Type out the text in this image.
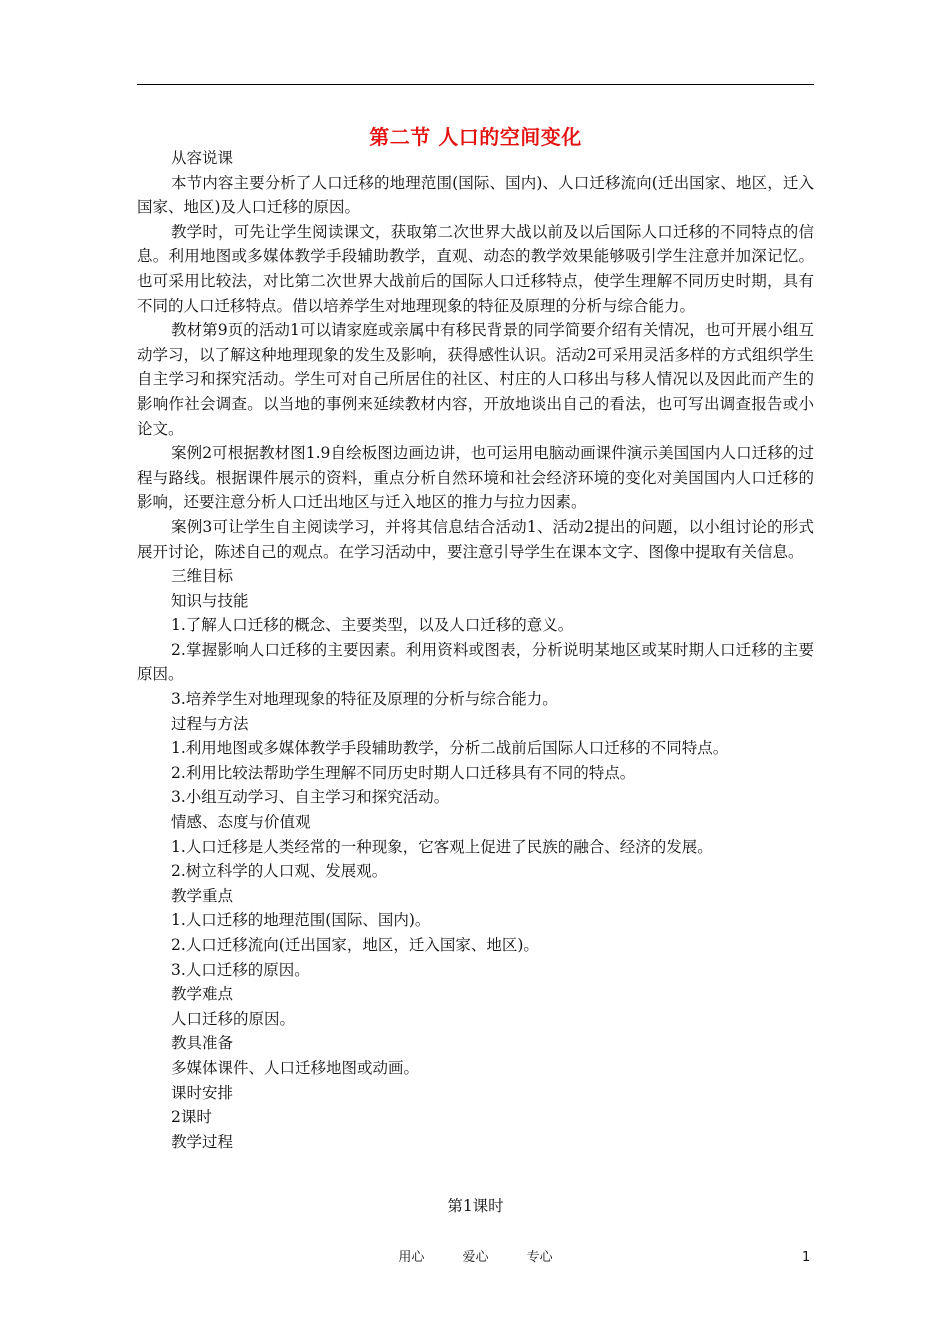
第二节 人口的空间变化

从容说课

本节内容主要分析了人口迁移的地理范围(国际、国内)、人口迁移流向(迁出国家、地区，迁入国家、地区)及人口迁移的原因。

教学时，可先让学生阅读课文，获取第二次世界大战以前及以后国际人口迁移的不同特点的信息。利用地图或多媒体教学手段辅助教学，直观、动态的教学效果能够吸引学生注意并加深记忆。也可采用比较法，对比第二次世界大战前后的国际人口迁移特点，使学生理解不同历史时期，具有不同的人口迁移特点。借以培养学生对地理现象的特征及原理的分析与综合能力。

教材第9页的活动1可以请家庭或亲属中有移民背景的同学简要介绍有关情况，也可开展小组互动学习，以了解这种地理现象的发生及影响，获得感性认识。活动2可采用灵活多样的方式组织学生自主学习和探究活动。学生可对自己所居住的社区、村庄的人口移出与移人情况以及因此而产生的影响作社会调查。以当地的事例来延续教材内容，开放地谈出自己的看法，也可写出调查报告或小论文。

案例2可根据教材图1.9自绘板图边画边讲，也可运用电脑动画课件演示美国国内人口迁移的过程与路线。根据课件展示的资料，重点分析自然环境和社会经济环境的变化对美国国内人口迁移的影响，还要注意分析人口迁出地区与迁入地区的推力与拉力因素。

案例3可让学生自主阅读学习，并将其信息结合活动1、活动2提出的问题，以小组讨论的形式展开讨论，陈述自己的观点。在学习活动中，要注意引导学生在课本文字、图像中提取有关信息。

三维目标

知识与技能

1.了解人口迁移的概念、主要类型，以及人口迁移的意义。

2.掌握影响人口迁移的主要因素。利用资料或图表，分析说明某地区或某时期人口迁移的主要原因。

3.培养学生对地理现象的特征及原理的分析与综合能力。

过程与方法

1.利用地图或多媒体教学手段辅助教学，分析二战前后国际人口迁移的不同特点。

2.利用比较法帮助学生理解不同历史时期人口迁移具有不同的特点。

3.小组互动学习、自主学习和探究活动。

情感、态度与价值观

1.人口迁移是人类经常的一种现象，它客观上促进了民族的融合、经济的发展。

2.树立科学的人口观、发展观。

教学重点

1.人口迁移的地理范围(国际、国内)。

2.人口迁移流向(迁出国家，地区，迁入国家、地区)。

3.人口迁移的原因。

教学难点

人口迁移的原因。

教具准备

多媒体课件、人口迁移地图或动画。

课时安排

2课时

教学过程

第1课时
用心	爱心	专心	1
